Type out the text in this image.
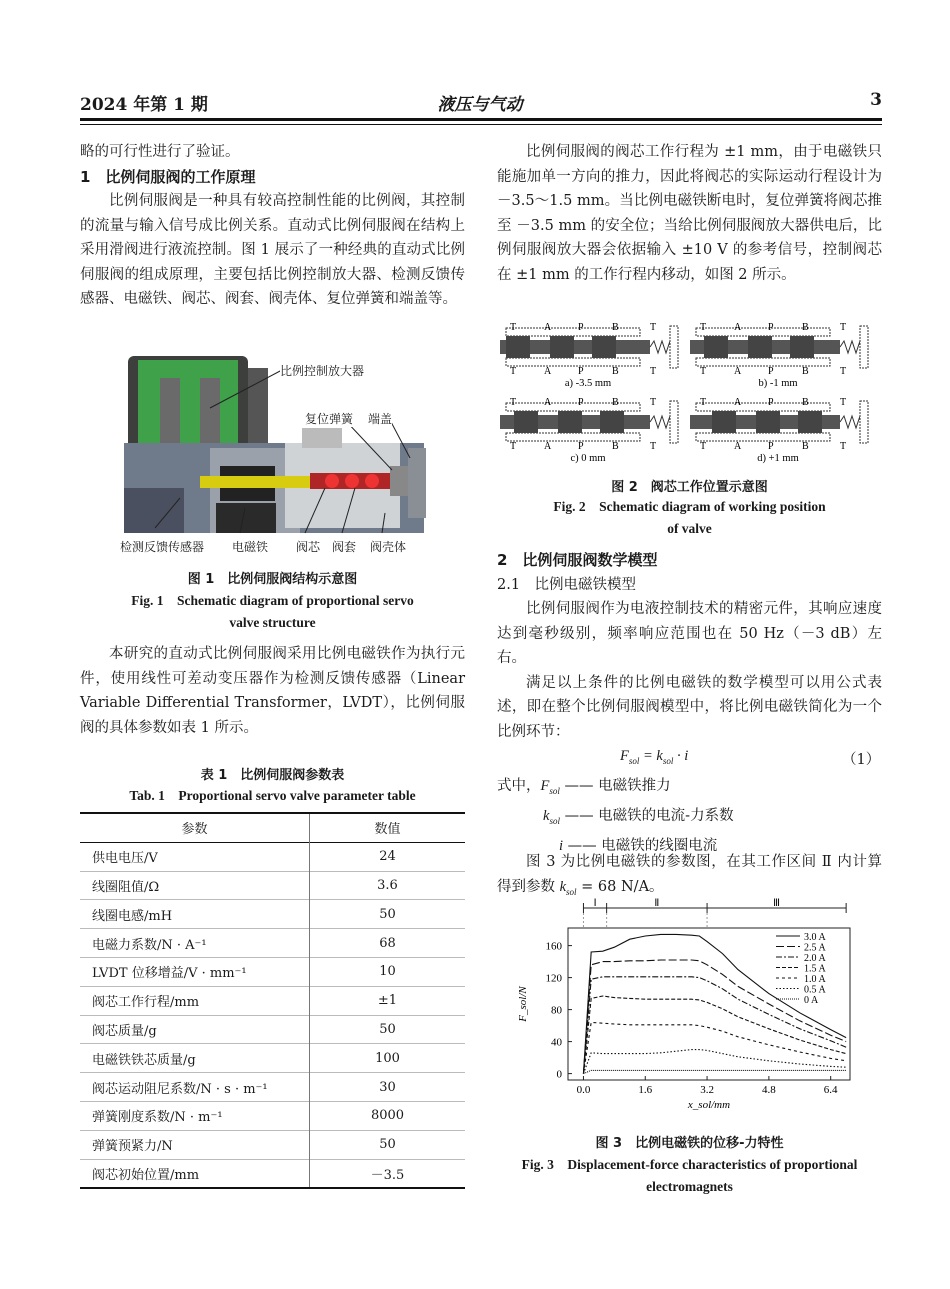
2024 年第 1 期	液压与气动	3

略的可行性进行了验证。

1　比例伺服阀的工作原理

比例伺服阀是一种具有较高控制性能的比例阀，其控制的流量与输入信号成比例关系。直动式比例伺服阀在结构上采用滑阀进行液流控制。图 1 展示了一种经典的直动式比例伺服阀的组成原理，主要包括比例控制放大器、检测反馈传感器、电磁铁、阀芯、阀套、阀壳体、复位弹簧和端盖等。

比例控制放大器
复位弹簧 端盖
检测反馈传感器 电磁铁 阀芯 阀套 阀壳体
图 1　比例伺服阀结构示意图
Fig. 1　Schematic diagram of proportional servo
valve structure

本研究的直动式比例伺服阀采用比例电磁铁作为执行元件，使用线性可差动变压器作为检测反馈传感器（Linear Variable Differential Transformer，LVDT），比例伺服阀的具体参数如表 1 所示。

表 1　比例伺服阀参数表
Tab. 1　Proportional servo valve parameter table
参数	数值
供电电压/V	24
线圈阻值/Ω	3.6
线圈电感/mH	50
电磁力系数/N · A⁻¹	68
LVDT 位移增益/V · mm⁻¹	10
阀芯工作行程/mm	±1
阀芯质量/g	50
电磁铁铁芯质量/g	100
阀芯运动阻尼系数/N · s · m⁻¹	30
弹簧刚度系数/N · m⁻¹	8000
弹簧预紧力/N	50
阀芯初始位置/mm	－3.5

比例伺服阀的阀芯工作行程为 ±1 mm，由于电磁铁只能施加单一方向的推力，因此将阀芯的实际运动行程设计为 －3.5～1.5 mm。当比例电磁铁断电时，复位弹簧将阀芯推至 －3.5 mm 的安全位；当给比例伺服阀放大器供电后，比例伺服阀放大器会依据输入 ±10 V 的参考信号，控制阀芯在 ±1 mm 的工作行程内移动，如图 2 所示。

T	A	P	B	T
T	A	P	B	T
a) -3.5 mm
T	A	P	B	T
T	A	P	B	T
b) -1 mm
T	A	P	B	T
T	A	P	B	T
c) 0 mm
T	A	P	B	T
T	A	P	B	T
d) +1 mm
图 2　阀芯工作位置示意图
Fig. 2　Schematic diagram of working position
of valve

2　比例伺服阀数学模型

2.1　比例电磁铁模型

比例伺服阀作为电液控制技术的精密元件，其响应速度达到毫秒级别，频率响应范围也在 50 Hz（－3 dB）左右。

满足以上条件的比例电磁铁的数学模型可以用公式表述，即在整个比例伺服阀模型中，将比例电磁铁简化为一个比例环节：

$F_{sol} = k_{sol} \cdot i$	（1）
式中，$F_{sol}$ —— 电磁铁推力
$k_{sol}$ —— 电磁铁的电流-力系数
i —— 电磁铁的线圈电流

图 3 为比例电磁铁的参数图，在其工作区间 Ⅱ 内计算得到参数 $k_{sol} = 68$ N/A。

0.0	1.6	3.2	4.8	6.4
0
40
80
120
160
x_sol/mm
F_sol/N
Ⅰ	Ⅱ	Ⅲ
3.0 A
2.5 A
2.0 A
1.5 A
1.0 A
0.5 A
0 A
图 3　比例电磁铁的位移-力特性
Fig. 3　Displacement-force characteristics of proportional
electromagnets
